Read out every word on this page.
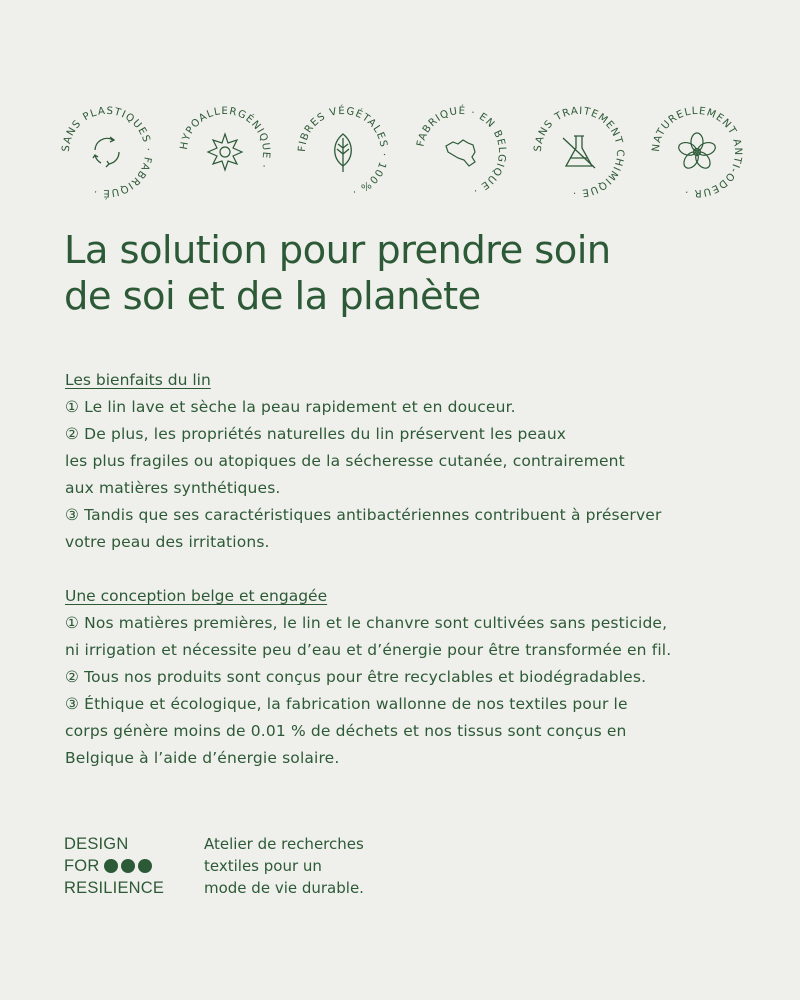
SANS PLASTIQUES · FABRIQUÉ ·
HYPOALLERGÉNIQUE ·
FIBRES VÉGÉTALES · 100% ·
FABRIQUÉ · EN BELGIQUE ·
SANS TRAITEMENT CHIMIQUE ·
NATURELLEMENT ANTI-ODEUR ·
La solution pour prendre soin
de soi et de la planète
Les bienfaits du lin
① Le lin lave et sèche la peau rapidement et en douceur.
② De plus, les propriétés naturelles du lin préservent les peaux
les plus fragiles ou atopiques de la sécheresse cutanée, contrairement
aux matières synthétiques.
③ Tandis que ses caractéristiques antibactériennes contribuent à préserver
votre peau des irritations.
Une conception belge et engagée
① Nos matières premières, le lin et le chanvre sont cultivées sans pesticide,
ni irrigation et nécessite peu d’eau et d’énergie pour être transformée en fil.
② Tous nos produits sont conçus pour être recyclables et biodégradables.
③ Éthique et écologique, la fabrication wallonne de nos textiles pour le
corps génère moins de 0.01 % de déchets et nos tissus sont conçus en
Belgique à l’aide d’énergie solaire.
DESIGN
FOR
RESILIENCE
Atelier de recherches
textiles pour un
mode de vie durable.
